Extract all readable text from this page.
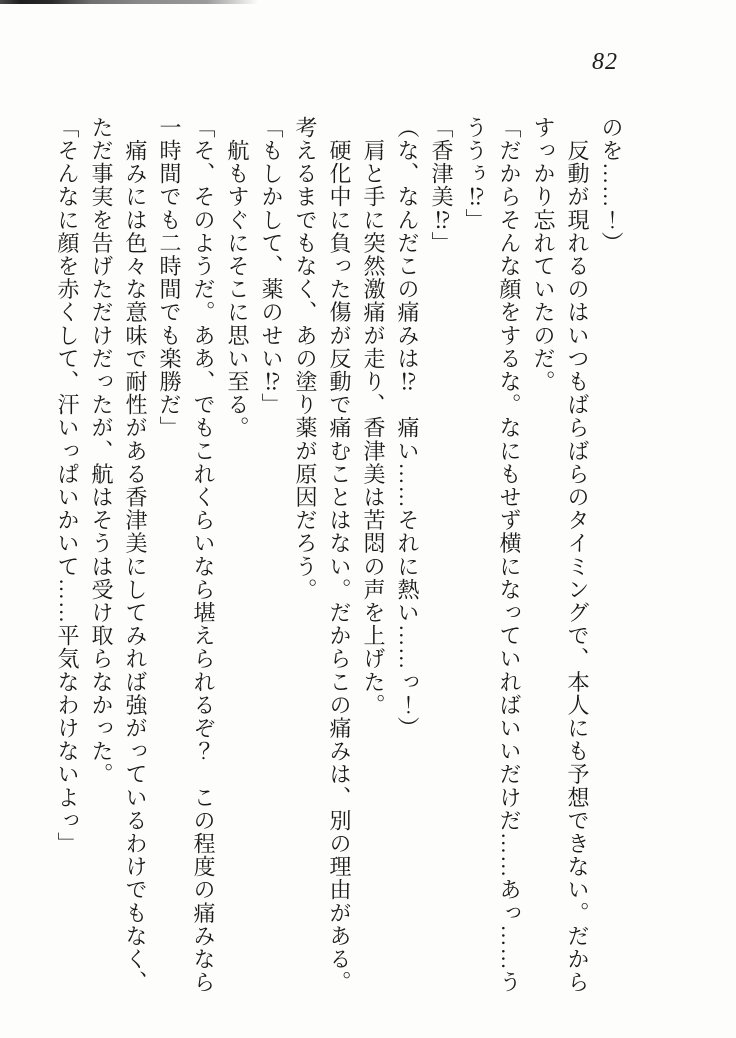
82

のを……！）

　反動が現れるのはいつもばらばらのタイミングで、本人にも予想できない。だから

すっかり忘れていたのだ。

「だからそんな顔をするな。なにもせず横になっていればいいだけだ……あっ……う

ううぅ⁉」

「香津美⁉」

（な、なんだこの痛みは⁉　痛い……それに熱い……っ！）

　肩と手に突然激痛が走り、香津美は苦悶の声を上げた。

　硬化中に負った傷が反動で痛むことはない。だからこの痛みは、別の理由がある。

考えるまでもなく、あの塗り薬が原因だろう。

「もしかして、薬のせい⁉」

　航もすぐにそこに思い至る。

「そ、そのようだ。ああ、でもこれくらいなら堪えられるぞ？　この程度の痛みなら

一時間でも二時間でも楽勝だ」

　痛みには色々な意味で耐性がある香津美にしてみれば強がっているわけでもなく、

ただ事実を告げただけだったが、航はそうは受け取らなかった。

「そんなに顔を赤くして、汗いっぱいかいて……平気なわけないよっ」
